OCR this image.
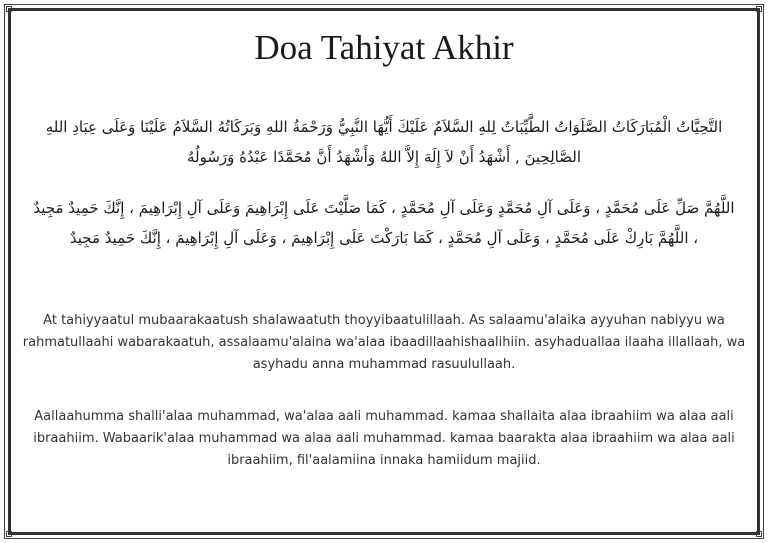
Doa Tahiyat Akhir
التَّحِيَّاتُ الْمُبَارَكَاتُ الصَّلَوَاتُ الطَّيِّبَاتُ لِلهِ السَّلاَمُ عَلَيْكَ أَيُّهَا النَّبِيُّ وَرَحْمَةُ اللهِ وَبَرَكَاتُهُ السَّلاَمُ عَلَيْنَا وَعَلَى عِبَادِ اللهِ الصَّالِحِينَ , أَشْهَدُ أَنْ لاَ إِلَهَ إِلاَّ اللهُ وَأَشْهَدُ أَنَّ مُحَمَّدًا عَبْدُهُ وَرَسُولُهُ
اللَّهُمَّ صَلِّ عَلَى مُحَمَّدٍ ، وَعَلَى آلِ مُحَمَّدٍ وَعَلَى آلِ مُحَمَّدٍ ، كَمَا صَلَّيْتَ عَلَى إِبْرَاهِيمَ وَعَلَى آلِ إِبْرَاهِيمَ ، إِنَّكَ حَمِيدٌ مَجِيدٌ ، اللَّهُمَّ بَارِكْ عَلَى مُحَمَّدٍ ، وَعَلَى آلِ مُحَمَّدٍ ، كَمَا بَارَكْتَ عَلَى إِبْرَاهِيمَ ، وَعَلَى آلِ إِبْرَاهِيمَ ، إِنَّكَ حَمِيدٌ مَجِيدٌ
At tahiyyaatul mubaarakaatush shalawaatuth thoyyibaatulillaah. As salaamu'alaika ayyuhan nabiyyu wa rahmatullaahi wabarakaatuh, assalaamu'alaina wa'alaa ibaadillaahishaalihiin. asyhaduallaa ilaaha illallaah, wa asyhadu anna muhammad rasuulullaah.
Aallaahumma shalli'alaa muhammad, wa'alaa aali muhammad. kamaa shallaita alaa ibraahiim wa alaa aali ibraahiim. Wabaarik'alaa muhammad wa alaa aali muhammad. kamaa baarakta alaa ibraahiim wa alaa aali ibraahiim, fil'aalamiina innaka hamiidum majiid.
